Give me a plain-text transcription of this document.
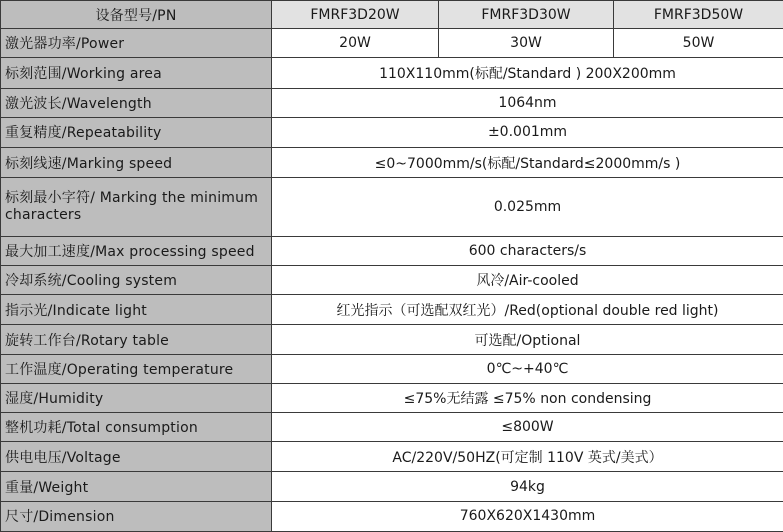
设备型号/PN	FMRF3D20W	FMRF3D30W	FMRF3D50W
激光器功率/Power	20W	30W	50W
标刻范围/Working area	110X110mm(标配/Standard ) 200X200mm		
激光波长/Wavelength	1064nm		
重复精度/Repeatability	±0.001mm		
标刻线速/Marking speed	≤0~7000mm/s(标配/Standard≤2000mm/s )		
标刻最小字符/ Marking the minimum characters	0.025mm		
最大加工速度/Max processing speed	600 characters/s		
冷却系统/Cooling system	风冷/Air-cooled		
指示光/Indicate light	红光指示（可选配双红光）/Red(optional double red light)		
旋转工作台/Rotary table	可选配/Optional		
工作温度/Operating temperature	0℃~+40℃		
湿度/Humidity	≤75%无结露 ≤75% non condensing		
整机功耗/Total consumption	≤800W		
供电电压/Voltage	AC/220V/50HZ(可定制 110V 英式/美式）		
重量/Weight	94kg		
尺寸/Dimension	760X620X1430mm		
